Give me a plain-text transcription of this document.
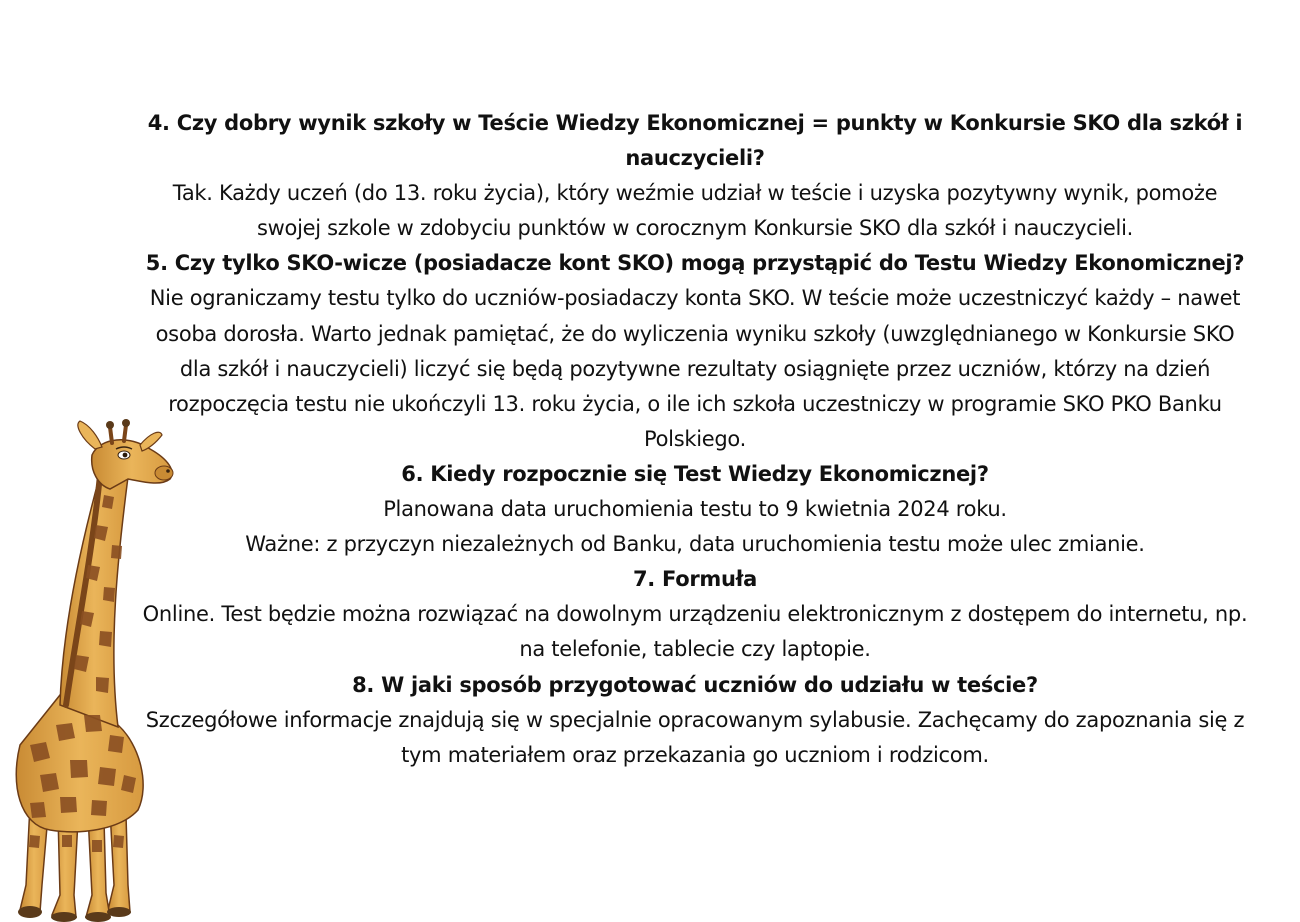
4. Czy dobry wynik szkoły w Teście Wiedzy Ekonomicznej = punkty w Konkursie SKO dla szkół i nauczycieli?

Tak. Każdy uczeń (do 13. roku życia), który weźmie udział w teście i uzyska pozytywny wynik, pomoże swojej szkole w zdobyciu punktów w corocznym Konkursie SKO dla szkół i nauczycieli.

5. Czy tylko SKO-wicze (posiadacze kont SKO) mogą przystąpić do Testu Wiedzy Ekonomicznej?

Nie ograniczamy testu tylko do uczniów-posiadaczy konta SKO. W teście może uczestniczyć każdy – nawet osoba dorosła. Warto jednak pamiętać, że do wyliczenia wyniku szkoły (uwzględnianego w Konkursie SKO dla szkół i nauczycieli) liczyć się będą pozytywne rezultaty osiągnięte przez uczniów, którzy na dzień rozpoczęcia testu nie ukończyli 13. roku życia, o ile ich szkoła uczestniczy w programie SKO PKO Banku Polskiego.

6. Kiedy rozpocznie się Test Wiedzy Ekonomicznej?

Planowana data uruchomienia testu to 9 kwietnia 2024 roku.

Ważne: z przyczyn niezależnych od Banku, data uruchomienia testu może ulec zmianie.

7. Formuła

Online. Test będzie można rozwiązać na dowolnym urządzeniu elektronicznym z dostępem do internetu, np. na telefonie, tablecie czy laptopie.

8. W jaki sposób przygotować uczniów do udziału w teście?

Szczegółowe informacje znajdują się w specjalnie opracowanym sylabusie. Zachęcamy do zapoznania się z tym materiałem oraz przekazania go uczniom i rodzicom.
